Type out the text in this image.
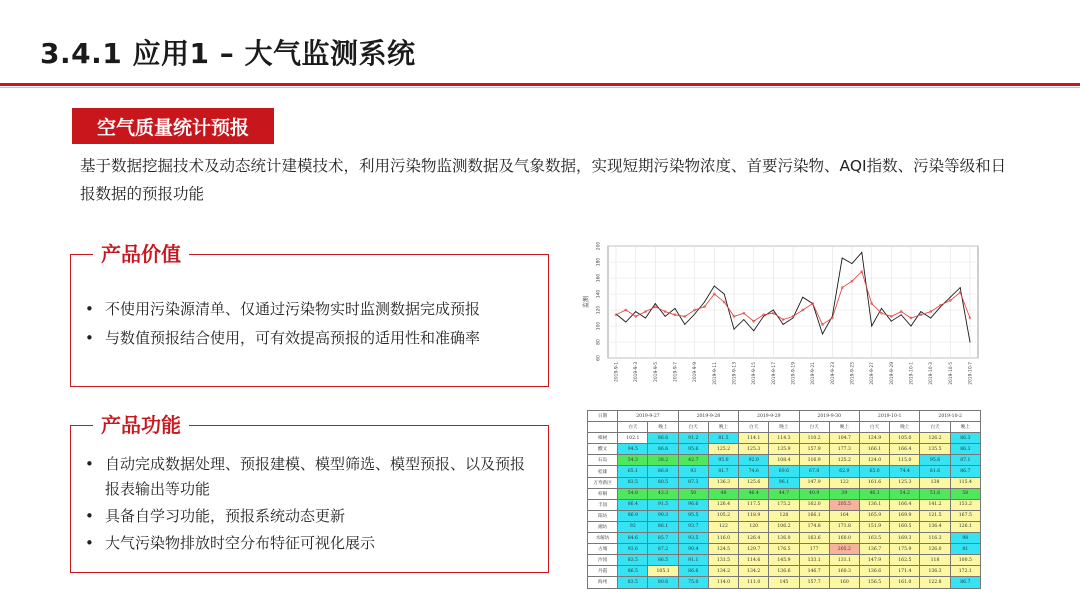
3.4.1 应用1 – 大气监测系统
空气质量统计预报
基于数据挖掘技术及动态统计建模技术，利用污染物监测数据及气象数据，实现短期污染物浓度、首要污染物、AQI指数、污染等级和日报数据的预报功能
产品价值
• 不使用污染源清单、仅通过污染物实时监测数据完成预报
• 与数值预报结合使用，可有效提高预报的适用性和准确率
产品功能
• 自动完成数据处理、预报建模、模型筛选、模型预报、以及预报报表输出等功能
• 具备自学习功能，预报系统动态更新
• 大气污染物排放时空分布特征可视化展示
60
80
100
120
140
160
180
200
2019-9-1	2019-9-3	2019-9-5	2019-9-7	2019-9-9	2019-9-11	2019-9-13	2019-9-15	2019-9-17	2019-9-19	2019-9-21	2019-9-23	2019-9-25	2019-9-27	2019-9-29	2019-10-1	2019-10-3	2019-10-5	2019-10-7
监测
日期	2019-9-27		2019-9-28		2019-9-29		2019-9-30		2019-10-1		2019-10-2	
	白天	晚上	白天	晚上	白天	晚上	白天	晚上	白天	晚上	白天	晚上
樟树	102.1	86.6	91.2	81.5	114.1	114.3	110.2	104.7	124.9	105.0	126.2	86.3
醴文	94.5	86.6	95.6	125.2	125.3	135.9	157.9	177.3	166.1	166.4	135.5	86.3
石岛	54.3	38.2	42.7	95.0	92.0	108.4	116.9	125.2	124.0	115.0	95.6	87.1
桂雄	65.1	86.8	93	81.7	74.6	69.6	67.0	62.9	65.0	74.4	81.6	86.7
万寿新区	83.5	80.5	87.3	136.3	125.6	96.1	147.9	122	161.6	125.3	138	115.4
梓桐	54.8	43.3	50	48	46.4	44.7	40.9	39	46.1	54.2	51.6	58
丰园	86.4	91.5	96.6	126.4	117.5	175.2	162.0	205.5	136.1	166.4	141.2	153.2
阳坊	86.9	90.3	95.5	105.2	118.9	128	166.1	164	165.9	169.9	121.5	167.5
湘坊	92	86.1	93.7	122	120	106.2	174.8	171.8	151.9	160.5	136.4	126.1
水解坊	84.6	85.7	93.5	116.0	126.4	136.0	163.6	160.0	163.5	169.3	116.3	98
古城	93.6	87.2	90.4	124.5	129.7	176.5	177	205.2	136.7	175.9	126.0	81
沙园	83.5	86.5	91.1	131.5	114.6	145.9	133.1	131.1	147.9	162.5	118	100.5
丹霞	86.5	105.1	86.6	134.2	134.2	136.6	146.7	160.3	136.6	171.4	136.3	172.1
海州	83.5	80.6	75.0	114.0	111.0	145	157.7	160	156.5	161.0	122.8	86.7
